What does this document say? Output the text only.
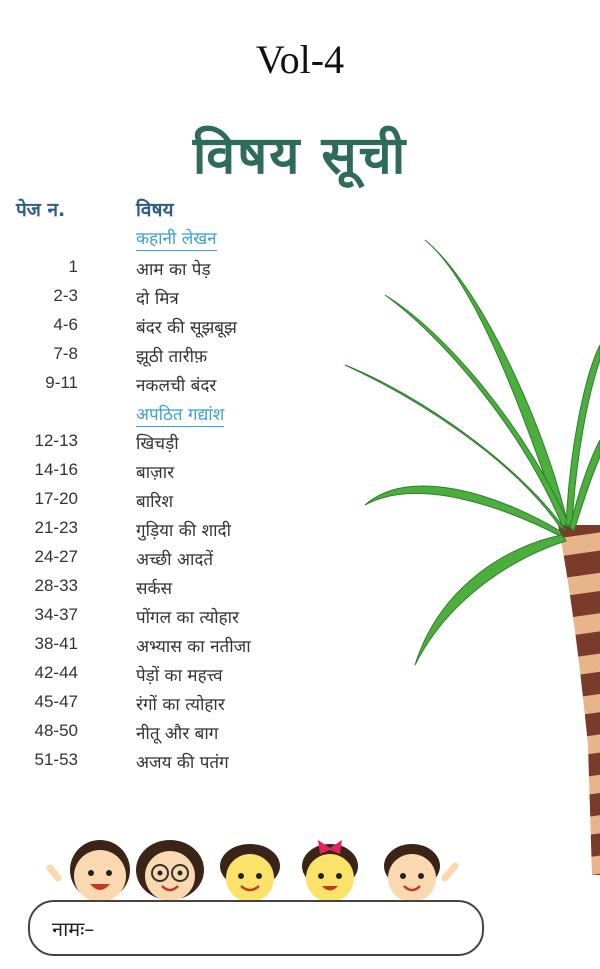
Vol-4
विषय सूची
पेज न.	विषय
कहानी लेखन
1	आम का पेड़
2-3	दो मित्र
4-6	बंदर की सूझबूझ
7-8	झूठी तारीफ़
9-11	नकलची बंदर
अपठित गद्यांश
12-13	खिचड़ी
14-16	बाज़ार
17-20	बारिश
21-23	गुड़िया की शादी
24-27	अच्छी आदतें
28-33	सर्कस
34-37	पोंगल का त्योहार
38-41	अभ्यास का नतीजा
42-44	पेड़ों का महत्त्व
45-47	रंगों का त्योहार
48-50	नीतू और बाग
51-53	अजय की पतंग
नामः–
